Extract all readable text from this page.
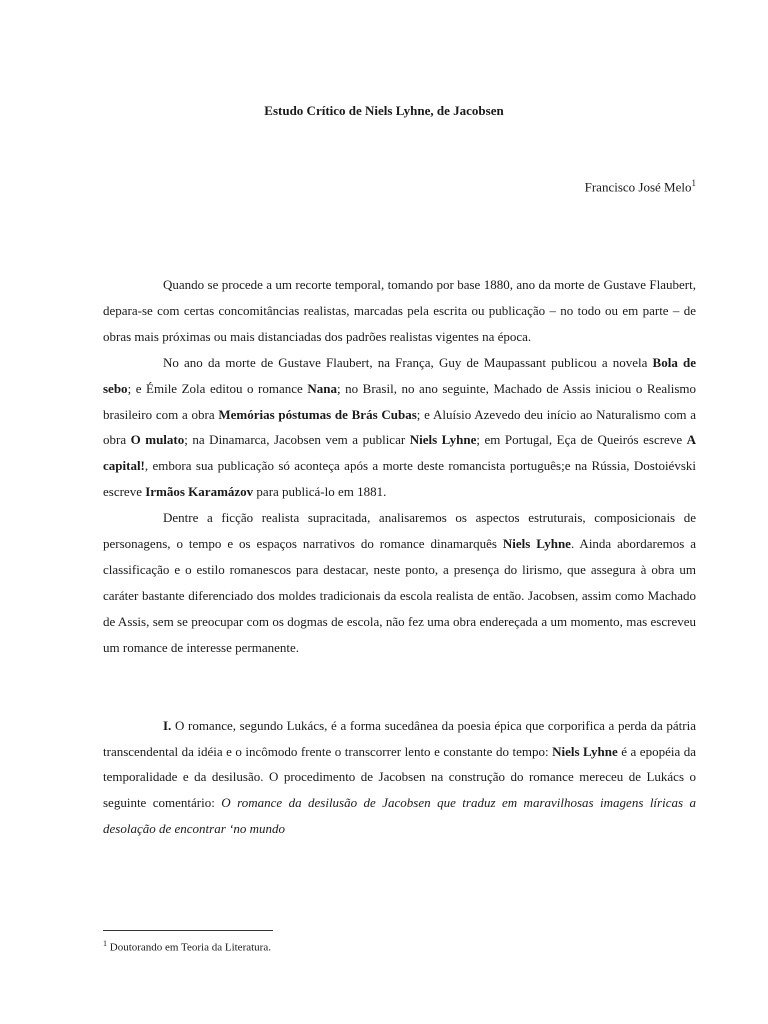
Estudo Crítico de Niels Lyhne, de Jacobsen
Francisco José Melo$^1$

Quando se procede a um recorte temporal, tomando por base 1880, ano da morte de Gustave Flaubert, depara-se com certas concomitâncias realistas, marcadas pela escrita ou publicação – no todo ou em parte – de obras mais próximas ou mais distanciadas dos padrões realistas vigentes na época.

No ano da morte de Gustave Flaubert, na França, Guy de Maupassant publicou a novela Bola de sebo; e Émile Zola editou o romance Nana; no Brasil, no ano seguinte, Machado de Assis iniciou o Realismo brasileiro com a obra Memórias póstumas de Brás Cubas; e Aluísio Azevedo deu início ao Naturalismo com a obra O mulato; na Dinamarca, Jacobsen vem a publicar Niels Lyhne; em Portugal, Eça de Queirós escreve A capital!, embora sua publicação só aconteça após a morte deste romancista português;e na Rússia, Dostoiévski escreve Irmãos Karamázov para publicá-lo em 1881.

Dentre a ficção realista supracitada, analisaremos os aspectos estruturais, composicionais de personagens, o tempo e os espaços narrativos do romance dinamarquês Niels Lyhne. Ainda abordaremos a classificação e o estilo romanescos para destacar, neste ponto, a presença do lirismo, que assegura à obra um caráter bastante diferenciado dos moldes tradicionais da escola realista de então. Jacobsen, assim como Machado de Assis, sem se preocupar com os dogmas de escola, não fez uma obra endereçada a um momento, mas escreveu um romance de interesse permanente.

I. O romance, segundo Lukács, é a forma sucedânea da poesia épica que corporifica a perda da pátria transcendental da idéia e o incômodo frente o transcorrer lento e constante do tempo: Niels Lyhne é a epopéia da temporalidade e da desilusão. O procedimento de Jacobsen na construção do romance mereceu de Lukács o seguinte comentário: O romance da desilusão de Jacobsen que traduz em maravilhosas imagens líricas a desolação de encontrar ‘no mundo

$^1$ Doutorando em Teoria da Literatura.
